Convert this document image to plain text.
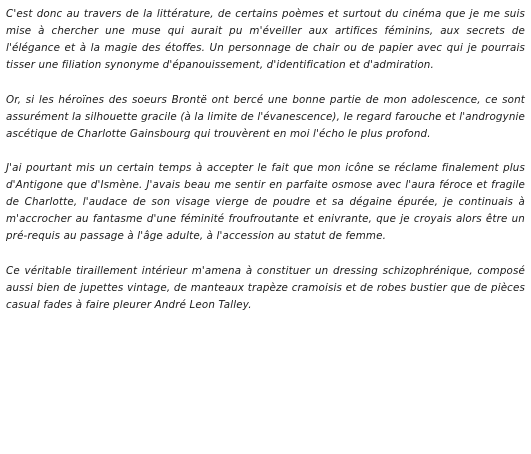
C'est donc au travers de la littérature, de certains poèmes et surtout du cinéma que je me suis mise à chercher une muse qui aurait pu m'éveiller aux artifices féminins, aux secrets de l'élégance et à la magie des étoffes. Un personnage de chair ou de papier avec qui je pourrais tisser une filiation synonyme d'épanouissement, d'identification et d'admiration.

Or, si les héroïnes des soeurs Brontë ont bercé une bonne partie de mon adolescence, ce sont assurément la silhouette gracile (à la limite de l'évanescence), le regard farouche et l'androgynie ascétique de Charlotte Gainsbourg qui trouvèrent en moi l'écho le plus profond.

J'ai pourtant mis un certain temps à accepter le fait que mon icône se réclame finalement plus d'Antigone que d'Ismène. J'avais beau me sentir en parfaite osmose avec l'aura féroce et fragile de Charlotte, l'audace de son visage vierge de poudre et sa dégaine épurée, je continuais à m'accrocher au fantasme d'une féminité froufroutante et enivrante, que je croyais alors être un pré-requis au passage à l'âge adulte, à l'accession au statut de femme.

Ce véritable tiraillement intérieur m'amena à constituer un dressing schizophrénique, composé aussi bien de jupettes vintage, de manteaux trapèze cramoisis et de robes bustier que de pièces casual fades à faire pleurer André Leon Talley.
